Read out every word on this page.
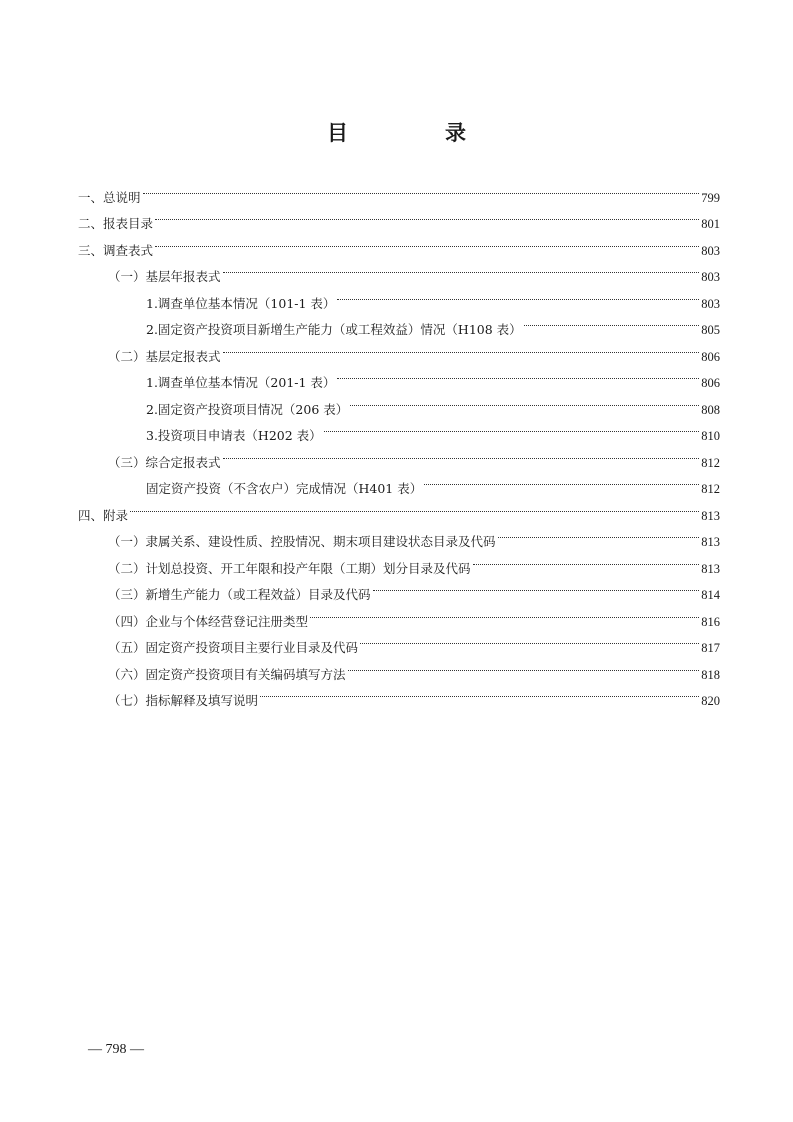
目　录
一、总说明	799
二、报表目录	801
三、调查表式	803
（一）基层年报表式	803
1.调查单位基本情况（101-1 表）	803
2.固定资产投资项目新增生产能力（或工程效益）情况（H108 表）	805
（二）基层定报表式	806
1.调查单位基本情况（201-1 表）	806
2.固定资产投资项目情况（206 表）	808
3.投资项目申请表（H202 表）	810
（三）综合定报表式	812
固定资产投资（不含农户）完成情况（H401 表）	812
四、附录	813
（一）隶属关系、建设性质、控股情况、期末项目建设状态目录及代码	813
（二）计划总投资、开工年限和投产年限（工期）划分目录及代码	813
（三）新增生产能力（或工程效益）目录及代码	814
（四）企业与个体经营登记注册类型	816
（五）固定资产投资项目主要行业目录及代码	817
（六）固定资产投资项目有关编码填写方法	818
（七）指标解释及填写说明	820
— 798 —
